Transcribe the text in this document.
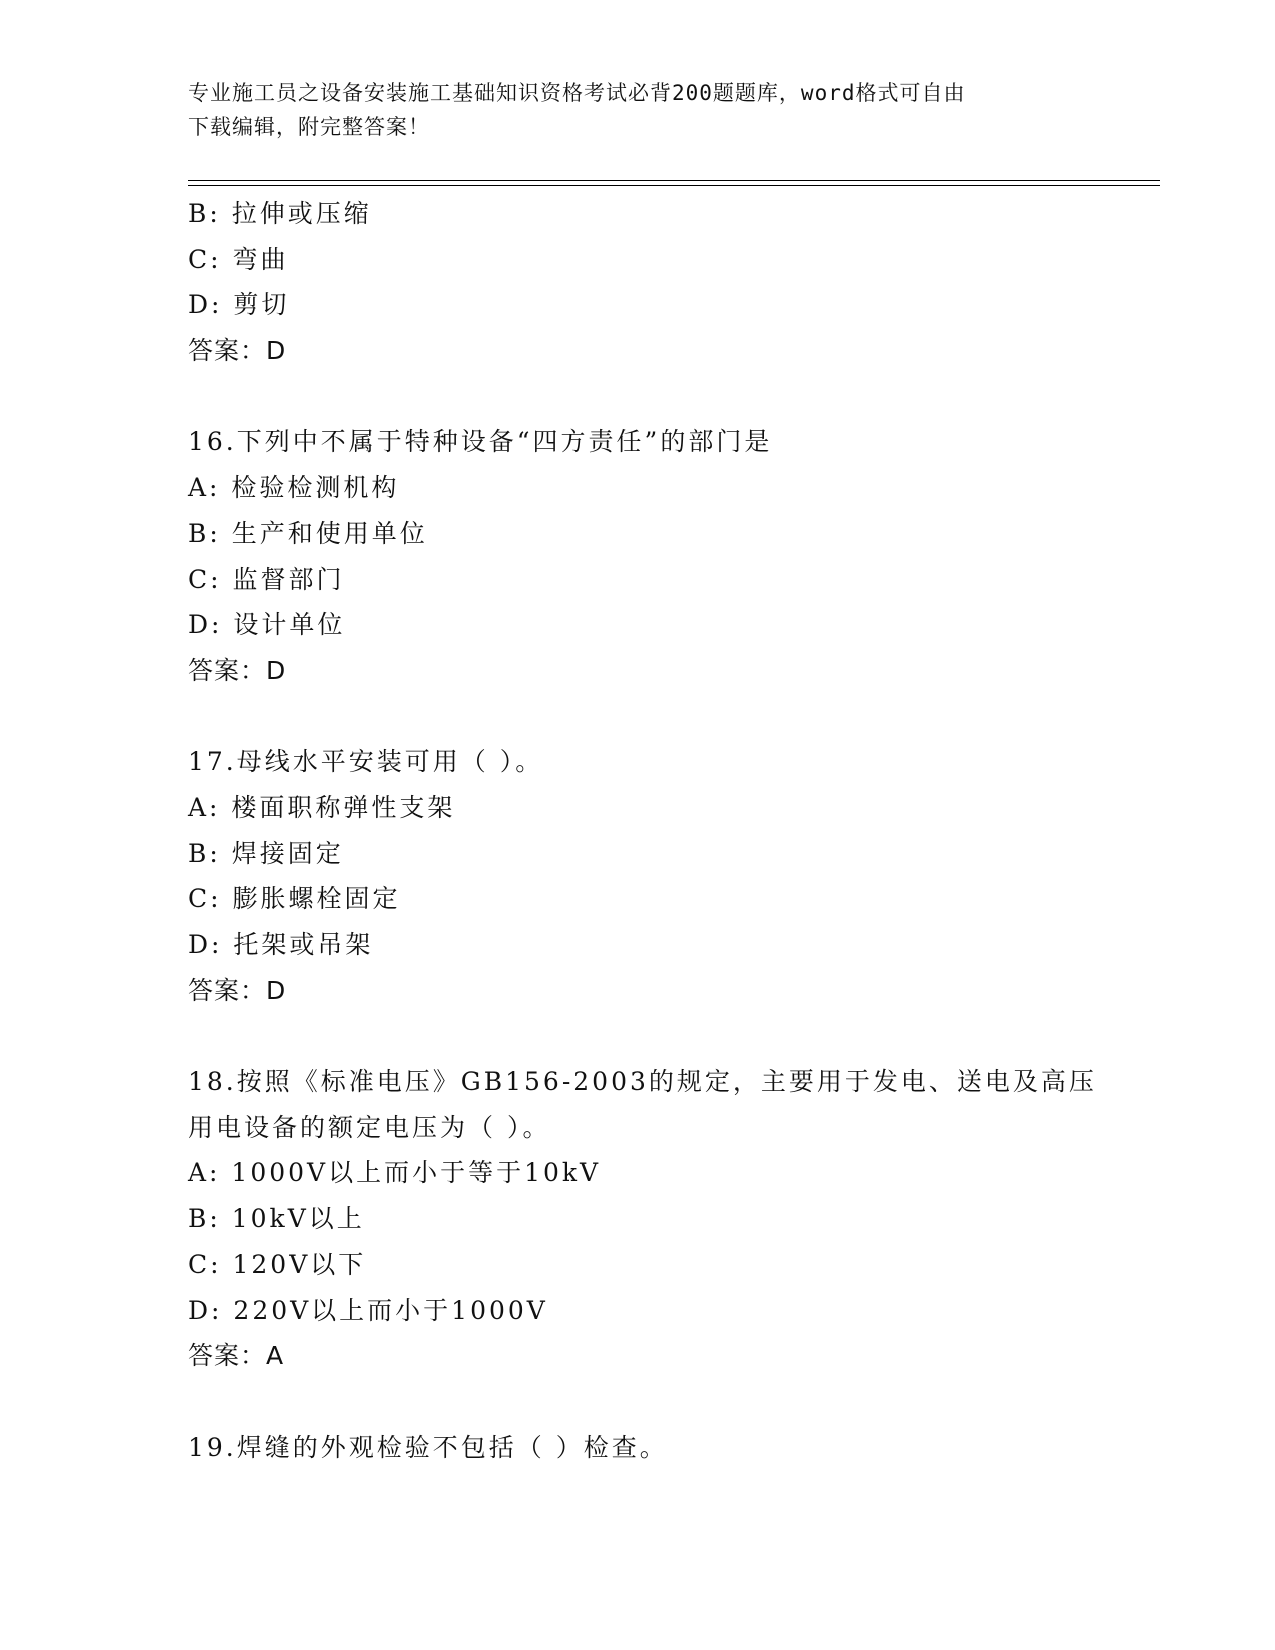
专业施工员之设备安装施工基础知识资格考试必背200题题库，word格式可自由
下载编辑，附完整答案！
B: 拉伸或压缩
C: 弯曲
D: 剪切
答案：D
16.下列中不属于特种设备“四方责任”的部门是
A: 检验检测机构
B: 生产和使用单位
C: 监督部门
D: 设计单位
答案：D
17.母线水平安装可用（ ）。
A: 楼面职称弹性支架
B: 焊接固定
C: 膨胀螺栓固定
D: 托架或吊架
答案：D
18.按照《标准电压》GB156-2003的规定，主要用于发电、送电及高压
用电设备的额定电压为（ ）。
A: 1000V以上而小于等于10kV
B: 10kV以上
C: 120V以下
D: 220V以上而小于1000V
答案：A
19.焊缝的外观检验不包括（ ）检查。
